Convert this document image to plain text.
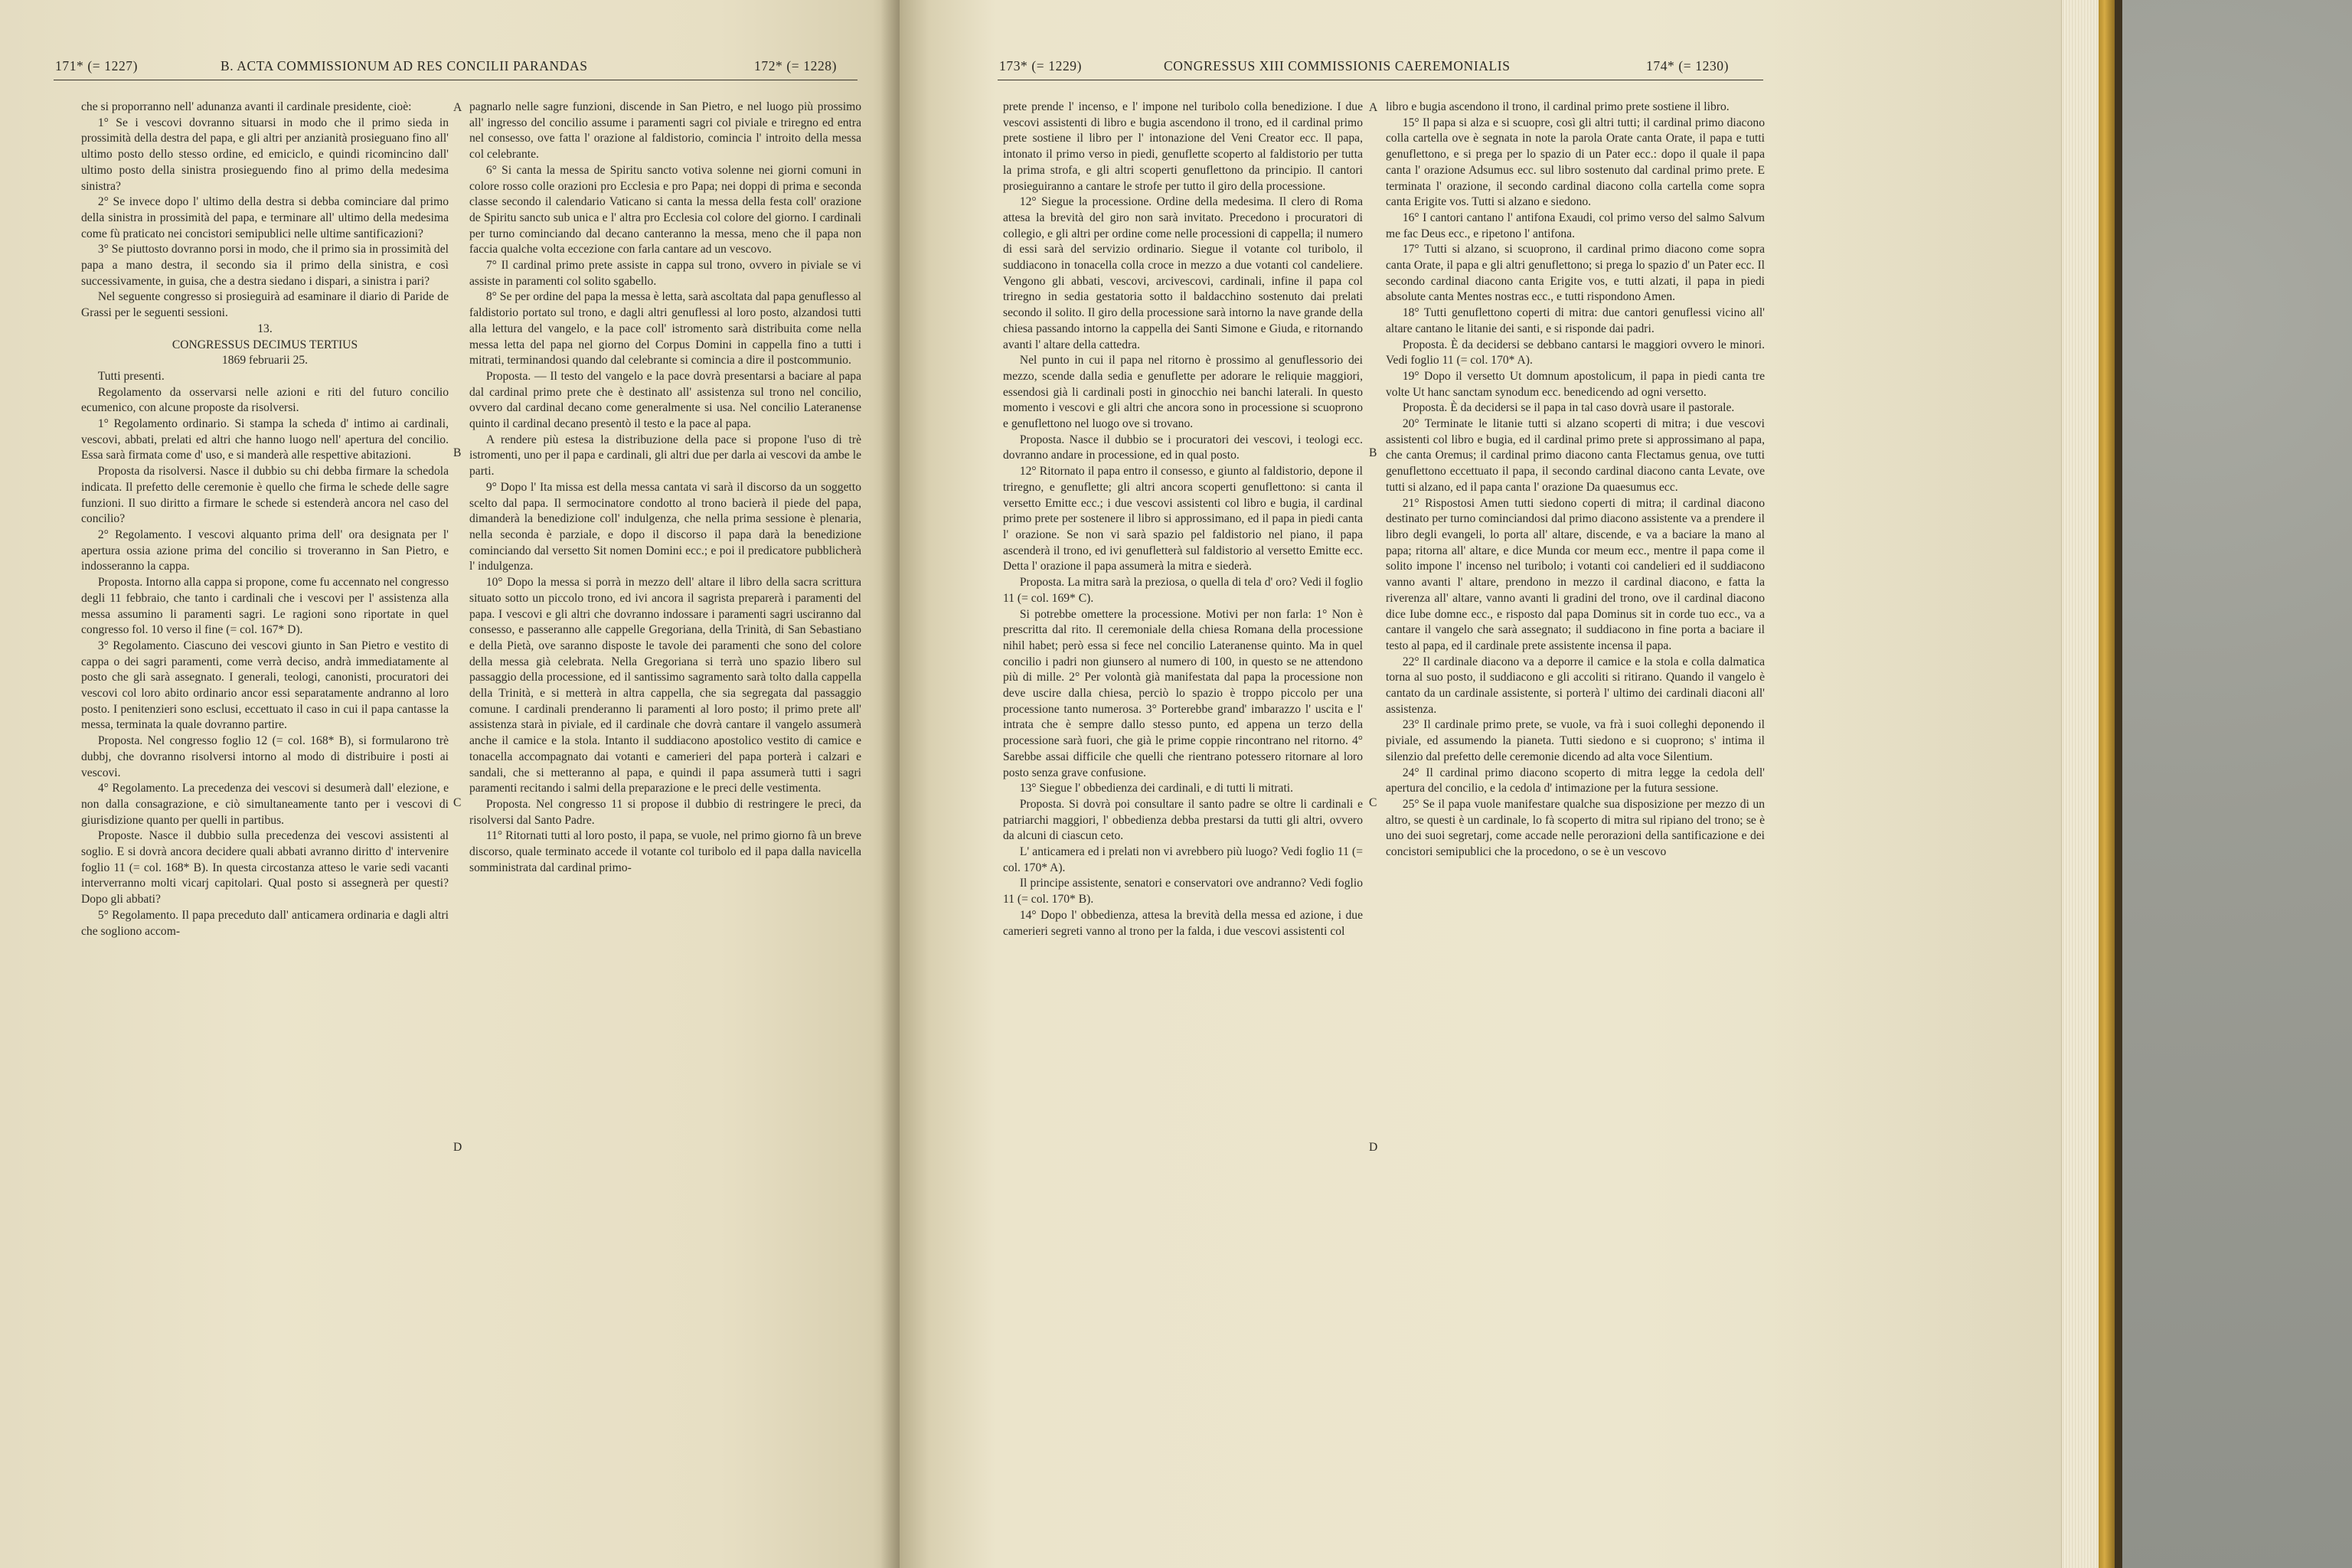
171* (= 1227)	B. ACTA COMMISSIONUM AD RES CONCILII PARANDAS	172* (= 1228)

che si proporranno nell' adunanza avanti il cardinale presidente, cioè:

1° Se i vescovi dovranno situarsi in modo che il primo sieda in prossimità della destra del papa, e gli altri per anzianità prosieguano fino all' ultimo posto dello stesso ordine, ed emiciclo, e quindi ricomincino dall' ultimo posto della sinistra prosieguendo fino al primo della medesima sinistra?

2° Se invece dopo l' ultimo della destra si debba cominciare dal primo della sinistra in prossimità del papa, e terminare all' ultimo della medesima come fù praticato nei concistori semipublici nelle ultime santificazioni?

3° Se piuttosto dovranno porsi in modo, che il primo sia in prossimità del papa a mano destra, il secondo sia il primo della sinistra, e così successivamente, in guisa, che a destra siedano i dispari, a sinistra i pari?

Nel seguente congresso si prosieguirà ad esaminare il diario di Paride de Grassi per le seguenti sessioni.

13.

CONGRESSUS DECIMUS TERTIUS

1869 februarii 25.

Tutti presenti.

Regolamento da osservarsi nelle azioni e riti del futuro concilio ecumenico, con alcune proposte da risolversi.

1° Regolamento ordinario. Si stampa la scheda d' intimo ai cardinali, vescovi, abbati, prelati ed altri che hanno luogo nell' apertura del concilio. Essa sarà firmata come d' uso, e si manderà alle respettive abitazioni.

Proposta da risolversi. Nasce il dubbio su chi debba firmare la schedola indicata. Il prefetto delle ceremonie è quello che firma le schede delle sagre funzioni. Il suo diritto a firmare le schede si estenderà ancora nel caso del concilio?

2° Regolamento. I vescovi alquanto prima dell' ora designata per l' apertura ossia azione prima del concilio si troveranno in San Pietro, e indosseranno la cappa.

Proposta. Intorno alla cappa si propone, come fu accennato nel congresso degli 11 febbraio, che tanto i cardinali che i vescovi per l' assistenza alla messa assumino li paramenti sagri. Le ragioni sono riportate in quel congresso fol. 10 verso il fine (= col. 167* D).

3° Regolamento. Ciascuno dei vescovi giunto in San Pietro e vestito di cappa o dei sagri paramenti, come verrà deciso, andrà immediatamente al posto che gli sarà assegnato. I generali, teologi, canonisti, procuratori dei vescovi col loro abito ordinario ancor essi separatamente andranno al loro posto. I penitenzieri sono esclusi, eccettuato il caso in cui il papa cantasse la messa, terminata la quale dovranno partire.

Proposta. Nel congresso foglio 12 (= col. 168* B), si formularono trè dubbj, che dovranno risolversi intorno al modo di distribuire i posti ai vescovi.

4° Regolamento. La precedenza dei vescovi si desumerà dall' elezione, e non dalla consagrazione, e ciò simultaneamente tanto per i vescovi di giurisdizione quanto per quelli in partibus.

Proposte. Nasce il dubbio sulla precedenza dei vescovi assistenti al soglio. E si dovrà ancora decidere quali abbati avranno diritto d' intervenire foglio 11 (= col. 168* B). In questa circostanza atteso le varie sedi vacanti interverranno molti vicarj capitolari. Qual posto si assegnerà per questi? Dopo gli abbati?

5° Regolamento. Il papa preceduto dall' anticamera ordinaria e dagli altri che sogliono accom-

pagnarlo nelle sagre funzioni, discende in San Pietro, e nel luogo più prossimo all' ingresso del concilio assume i paramenti sagri col piviale e triregno ed entra nel consesso, ove fatta l' orazione al faldistorio, comincia l' introito della messa col celebrante.

6° Si canta la messa de Spiritu sancto votiva solenne nei giorni comuni in colore rosso colle orazioni pro Ecclesia e pro Papa; nei doppi di prima e seconda classe secondo il calendario Vaticano si canta la messa della festa coll' orazione de Spiritu sancto sub unica e l' altra pro Ecclesia col colore del giorno. I cardinali per turno cominciando dal decano canteranno la messa, meno che il papa non faccia qualche volta eccezione con farla cantare ad un vescovo.

7° Il cardinal primo prete assiste in cappa sul trono, ovvero in piviale se vi assiste in paramenti col solito sgabello.

8° Se per ordine del papa la messa è letta, sarà ascoltata dal papa genuflesso al faldistorio portato sul trono, e dagli altri genuflessi al loro posto, alzandosi tutti alla lettura del vangelo, e la pace coll' istromento sarà distribuita come nella messa letta del papa nel giorno del Corpus Domini in cappella fino a tutti i mitrati, terminandosi quando dal celebrante si comincia a dire il postcommunio.

Proposta. — Il testo del vangelo e la pace dovrà presentarsi a baciare al papa dal cardinal primo prete che è destinato all' assistenza sul trono nel concilio, ovvero dal cardinal decano come generalmente si usa. Nel concilio Lateranense quinto il cardinal decano presentò il testo e la pace al papa.

A rendere più estesa la distribuzione della pace si propone l'uso di trè istromenti, uno per il papa e cardinali, gli altri due per darla ai vescovi da ambe le parti.

9° Dopo l' Ita missa est della messa cantata vi sarà il discorso da un soggetto scelto dal papa. Il sermocinatore condotto al trono bacierà il piede del papa, dimanderà la benedizione coll' indulgenza, che nella prima sessione è plenaria, nella seconda è parziale, e dopo il discorso il papa darà la benedizione cominciando dal versetto Sit nomen Domini ecc.; e poi il predicatore pubblicherà l' indulgenza.

10° Dopo la messa si porrà in mezzo dell' altare il libro della sacra scrittura situato sotto un piccolo trono, ed ivi ancora il sagrista preparerà i paramenti del papa. I vescovi e gli altri che dovranno indossare i paramenti sagri usciranno dal consesso, e passeranno alle cappelle Gregoriana, della Trinità, di San Sebastiano e della Pietà, ove saranno disposte le tavole dei paramenti che sono del colore della messa già celebrata. Nella Gregoriana si terrà uno spazio libero sul passaggio della processione, ed il santissimo sagramento sarà tolto dalla cappella della Trinità, e si metterà in altra cappella, che sia segregata dal passaggio comune. I cardinali prenderanno li paramenti al loro posto; il primo prete all' assistenza starà in piviale, ed il cardinale che dovrà cantare il vangelo assumerà anche il camice e la stola. Intanto il suddiacono apostolico vestito di camice e tonacella accompagnato dai votanti e camerieri del papa porterà i calzari e sandali, che si metteranno al papa, e quindi il papa assumerà tutti i sagri paramenti recitando i salmi della preparazione e le preci delle vestimenta.

Proposta. Nel congresso 11 si propose il dubbio di restringere le preci, da risolversi dal Santo Padre.

11° Ritornati tutti al loro posto, il papa, se vuole, nel primo giorno fà un breve discorso, quale terminato accede il votante col turibolo ed il papa dalla navicella somministrata dal cardinal primo-

A
B
C
D
173* (= 1229)	CONGRESSUS XIII COMMISSIONIS CAEREMONIALIS	174* (= 1230)

prete prende l' incenso, e l' impone nel turibolo colla benedizione. I due vescovi assistenti di libro e bugia ascendono il trono, ed il cardinal primo prete sostiene il libro per l' intonazione del Veni Creator ecc. Il papa, intonato il primo verso in piedi, genuflette scoperto al faldistorio per tutta la prima strofa, e gli altri scoperti genuflettono da principio. Il cantori prosieguiranno a cantare le strofe per tutto il giro della processione.

12° Siegue la processione. Ordine della medesima. Il clero di Roma attesa la brevità del giro non sarà invitato. Precedono i procuratori di collegio, e gli altri per ordine come nelle processioni di cappella; il numero di essi sarà del servizio ordinario. Siegue il votante col turibolo, il suddiacono in tonacella colla croce in mezzo a due votanti col candeliere. Vengono gli abbati, vescovi, arcivescovi, cardinali, infine il papa col triregno in sedia gestatoria sotto il baldacchino sostenuto dai prelati secondo il solito. Il giro della processione sarà intorno la nave grande della chiesa passando intorno la cappella dei Santi Simone e Giuda, e ritornando avanti l' altare della cattedra.

Nel punto in cui il papa nel ritorno è prossimo al genuflessorio dei mezzo, scende dalla sedia e genuflette per adorare le reliquie maggiori, essendosi già li cardinali posti in ginocchio nei banchi laterali. In questo momento i vescovi e gli altri che ancora sono in processione si scuoprono e genuflettono nel luogo ove si trovano.

Proposta. Nasce il dubbio se i procuratori dei vescovi, i teologi ecc. dovranno andare in processione, ed in qual posto.

12° Ritornato il papa entro il consesso, e giunto al faldistorio, depone il triregno, e genuflette; gli altri ancora scoperti genuflettono: si canta il versetto Emitte ecc.; i due vescovi assistenti col libro e bugia, il cardinal primo prete per sostenere il libro si approssimano, ed il papa in piedi canta l' orazione. Se non vi sarà spazio pel faldistorio nel piano, il papa ascenderà il trono, ed ivi genufletterà sul faldistorio al versetto Emitte ecc. Detta l' orazione il papa assumerà la mitra e siederà.

Proposta. La mitra sarà la preziosa, o quella di tela d' oro? Vedi il foglio 11 (= col. 169* C).

Si potrebbe omettere la processione. Motivi per non farla: 1° Non è prescritta dal rito. Il ceremoniale della chiesa Romana della processione nihil habet; però essa si fece nel concilio Lateranense quinto. Ma in quel concilio i padri non giunsero al numero di 100, in questo se ne attendono più di mille. 2° Per volontà già manifestata dal papa la processione non deve uscire dalla chiesa, perciò lo spazio è troppo piccolo per una processione tanto numerosa. 3° Porterebbe grand' imbarazzo l' uscita e l' intrata che è sempre dallo stesso punto, ed appena un terzo della processione sarà fuori, che già le prime coppie rincontrano nel ritorno. 4° Sarebbe assai difficile che quelli che rientrano potessero ritornare al loro posto senza grave confusione.

13° Siegue l' obbedienza dei cardinali, e di tutti li mitrati.

Proposta. Si dovrà poi consultare il santo padre se oltre li cardinali e patriarchi maggiori, l' obbedienza debba prestarsi da tutti gli altri, ovvero da alcuni di ciascun ceto.

L' anticamera ed i prelati non vi avrebbero più luogo? Vedi foglio 11 (= col. 170* A).

Il principe assistente, senatori e conservatori ove andranno? Vedi foglio 11 (= col. 170* B).

14° Dopo l' obbedienza, attesa la brevità della messa ed azione, i due camerieri segreti vanno al trono per la falda, i due vescovi assistenti col

libro e bugia ascendono il trono, il cardinal primo prete sostiene il libro.

15° Il papa si alza e si scuopre, così gli altri tutti; il cardinal primo diacono colla cartella ove è segnata in note la parola Orate canta Orate, il papa e tutti genuflettono, e si prega per lo spazio di un Pater ecc.: dopo il quale il papa canta l' orazione Adsumus ecc. sul libro sostenuto dal cardinal primo prete. E terminata l' orazione, il secondo cardinal diacono colla cartella come sopra canta Erigite vos. Tutti si alzano e siedono.

16° I cantori cantano l' antifona Exaudi, col primo verso del salmo Salvum me fac Deus ecc., e ripetono l' antifona.

17° Tutti si alzano, si scuoprono, il cardinal primo diacono come sopra canta Orate, il papa e gli altri genuflettono; si prega lo spazio d' un Pater ecc. Il secondo cardinal diacono canta Erigite vos, e tutti alzati, il papa in piedi absolute canta Mentes nostras ecc., e tutti rispondono Amen.

18° Tutti genuflettono coperti di mitra: due cantori genuflessi vicino all' altare cantano le litanie dei santi, e si risponde dai padri.

Proposta. È da decidersi se debbano cantarsi le maggiori ovvero le minori. Vedi foglio 11 (= col. 170* A).

19° Dopo il versetto Ut domnum apostolicum, il papa in piedi canta tre volte Ut hanc sanctam synodum ecc. benedicendo ad ogni versetto.

Proposta. È da decidersi se il papa in tal caso dovrà usare il pastorale.

20° Terminate le litanie tutti si alzano scoperti di mitra; i due vescovi assistenti col libro e bugia, ed il cardinal primo prete si approssimano al papa, che canta Oremus; il cardinal primo diacono canta Flectamus genua, ove tutti genuflettono eccettuato il papa, il secondo cardinal diacono canta Levate, ove tutti si alzano, ed il papa canta l' orazione Da quaesumus ecc.

21° Rispostosi Amen tutti siedono coperti di mitra; il cardinal diacono destinato per turno cominciandosi dal primo diacono assistente va a prendere il libro degli evangeli, lo porta all' altare, discende, e va a baciare la mano al papa; ritorna all' altare, e dice Munda cor meum ecc., mentre il papa come il solito impone l' incenso nel turibolo; i votanti coi candelieri ed il suddiacono vanno avanti l' altare, prendono in mezzo il cardinal diacono, e fatta la riverenza all' altare, vanno avanti li gradini del trono, ove il cardinal diacono dice Iube domne ecc., e risposto dal papa Dominus sit in corde tuo ecc., va a cantare il vangelo che sarà assegnato; il suddiacono in fine porta a baciare il testo al papa, ed il cardinale prete assistente incensa il papa.

22° Il cardinale diacono va a deporre il camice e la stola e colla dalmatica torna al suo posto, il suddiacono e gli accoliti si ritirano. Quando il vangelo è cantato da un cardinale assistente, si porterà l' ultimo dei cardinali diaconi all' assistenza.

23° Il cardinale primo prete, se vuole, va frà i suoi colleghi deponendo il piviale, ed assumendo la pianeta. Tutti siedono e si cuoprono; s' intima il silenzio dal prefetto delle ceremonie dicendo ad alta voce Silentium.

24° Il cardinal primo diacono scoperto di mitra legge la cedola dell' apertura del concilio, e la cedola d' intimazione per la futura sessione.

25° Se il papa vuole manifestare qualche sua disposizione per mezzo di un altro, se questi è un cardinale, lo fà scoperto di mitra sul ripiano del trono; se è uno dei suoi segretarj, come accade nelle perorazioni della santificazione e dei concistori semipublici che la procedono, o se è un vescovo

A
B
C
D
